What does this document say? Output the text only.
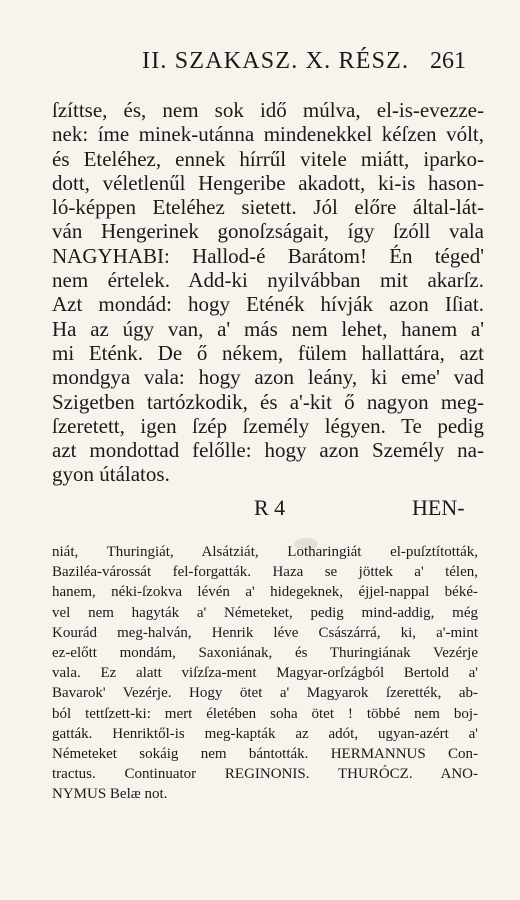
II. SZAKASZ. X. RÉSZ. 261
ſzíttse, és, nem sok idő múlva, el-is-evezze-
nek: íme minek-utánna mindenekkel kéſzen vólt,
és Eteléhez, ennek hírrűl vitele miátt, iparko-
dott, véletlenűl Hengeribe akadott, ki-is hason-
ló-képpen Eteléhez sietett. Jól előre által-lát-
ván Hengerinek gonoſzságait, így ſzóll vala
NAGYHABI: Hallod-é Barátom! Én téged'
nem értelek. Add-ki nyilvábban mit akarſz.
Azt mondád: hogy Eténék hívják azon Iſiat.
Ha az úgy van, a' más nem lehet, hanem a'
mi Eténk. De ő nékem, fülem hallattára, azt
mondgya vala: hogy azon leány, ki eme' vad
Szigetben tartózkodik, és a'-kit ő nagyon meg-
ſzeretett, igen ſzép ſzemély légyen. Te pedig
azt mondottad felőlle: hogy azon Személy na-
gyon útálatos.
R 4	HEN-
niát, Thuringiát, Alsátziát, Lotharingiát el-puſztították,
Baziléa-várossát fel-forgatták. Haza se jöttek a' télen,
hanem, néki-ſzokva lévén a' hidegeknek, éjjel-nappal béké-
vel nem hagyták a' Németeket, pedig mind-addig, még
Kourád meg-halván, Henrik léve Császárrá, ki, a'-mint
ez-előtt mondám, Saxoniának, és Thuringiának Vezérje
vala. Ez alatt viſzſza-ment Magyar-orſzágból Bertold a'
Bavarok' Vezérje. Hogy ötet a' Magyarok ſzerették, ab-
ból tettſzett-ki: mert életében soha ötet ! többé nem boj-
gatták. Henriktől-is meg-kapták az adót, ugyan-azért a'
Németeket sokáig nem bántották. HERMANNUS Con-
tractus. Continuator REGINONIS. THURÓCZ. ANO-
NYMUS Belæ not.
